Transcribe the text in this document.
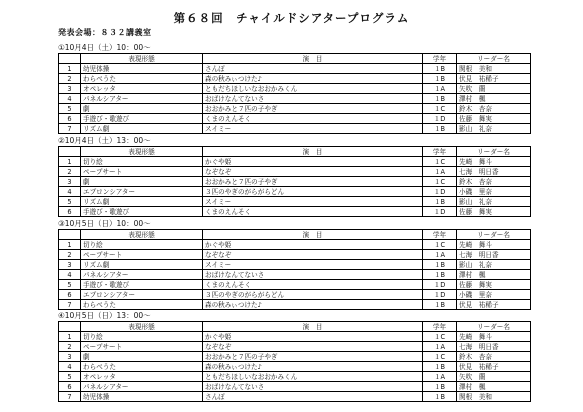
第６８回　チャイルドシアタープログラム
発表会場：８３２講義室
①10月4日（土）10：00～
	表現形態	演　目	学年	リーダー名
1	幼児体操	さんぽ	１B	関根　美和
2	わらべうた	森の秋みぃつけた♪	１B	伏見　祐稀子
3	オペレッタ	ともだちほしいなおおかみくん	１A	矢吹　蘭
4	パネルシアター	おばけなんてないさ	１B	澤村　楓
5	劇	おおかみと７匹の子やぎ	１C	鈴木　杏奈
6	手遊び・歌遊び	くまのえんそく	１D	佐藤　舞実
7	リズム劇	スイミー	１B	影山　礼奈
②10月4日（土）13：00～
	表現形態	演　目	学年	リーダー名
1	切り絵	かぐや姫	１C	先崎　舞斗
2	ペープサート	なぞなぞ	１A	七海　明日香
3	劇	おおかみと７匹の子やぎ	１C	鈴木　杏奈
4	エプロンシアター	３匹のやぎのがらがらどん	１D	小磯　里奈
5	リズム劇	スイミー	１B	影山　礼奈
6	手遊び・歌遊び	くまのえんそく	１D	佐藤　舞実
③10月5日（日）10：00～
	表現形態	演　目	学年	リーダー名
1	切り絵	かぐや姫	１C	先崎　舞斗
2	ペープサート	なぞなぞ	１A	七海　明日香
3	リズム劇	スイミー	１B	影山　礼奈
4	パネルシアター	おばけなんてないさ	１B	澤村　楓
5	手遊び・歌遊び	くまのえんそく	１D	佐藤　舞実
6	エプロンシアター	３匹のやぎのがらがらどん	１D	小磯　里奈
7	わらべうた	森の秋みぃつけた♪	１B	伏見　祐稀子
④10月5日（日）13：00～
	表現形態	演　目	学年	リーダー名
1	切り絵	かぐや姫	１C	先崎　舞斗
2	ペープサート	なぞなぞ	１A	七海　明日香
3	劇	おおかみと７匹の子やぎ	１C	鈴木　杏奈
4	わらべうた	森の秋みぃつけた♪	１B	伏見　祐稀子
5	オペレッタ	ともだちほしいなおおかみくん	１A	矢吹　蘭
6	パネルシアター	おばけなんてないさ	１B	澤村　楓
7	幼児体操	さんぽ	１B	関根　美和
